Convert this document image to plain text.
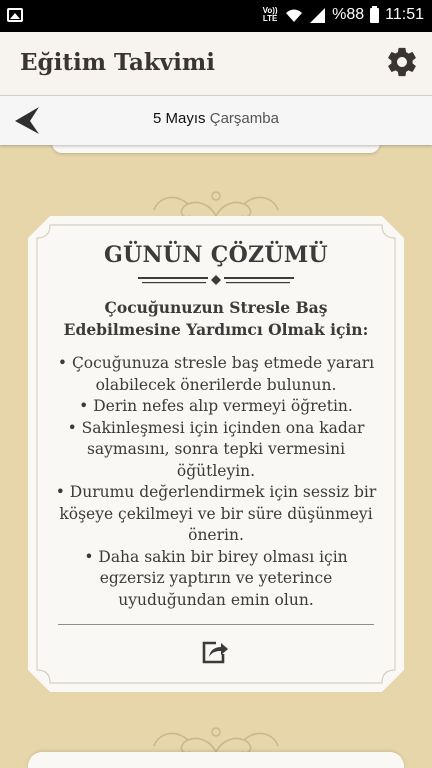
Vo)) LTE	%88 11:51
Eğitim Takvimi
5 Mayıs Çarşamba
GÜNÜN ÇÖZÜMÜ
Çocuğunuzun Stresle Baş Edebilmesine Yardımcı Olmak için:
• Çocuğunuza stresle baş etmede yararı olabilecek önerilerde bulunun.
• Derin nefes alıp vermeyi öğretin.
• Sakinleşmesi için içinden ona kadar saymasını, sonra tepki vermesini öğütleyin.
• Durumu değerlendirmek için sessiz bir köşeye çekilmeyi ve bir süre düşünmeyi önerin.
• Daha sakin bir birey olması için egzersiz yaptırın ve yeterince uyuduğundan emin olun.
